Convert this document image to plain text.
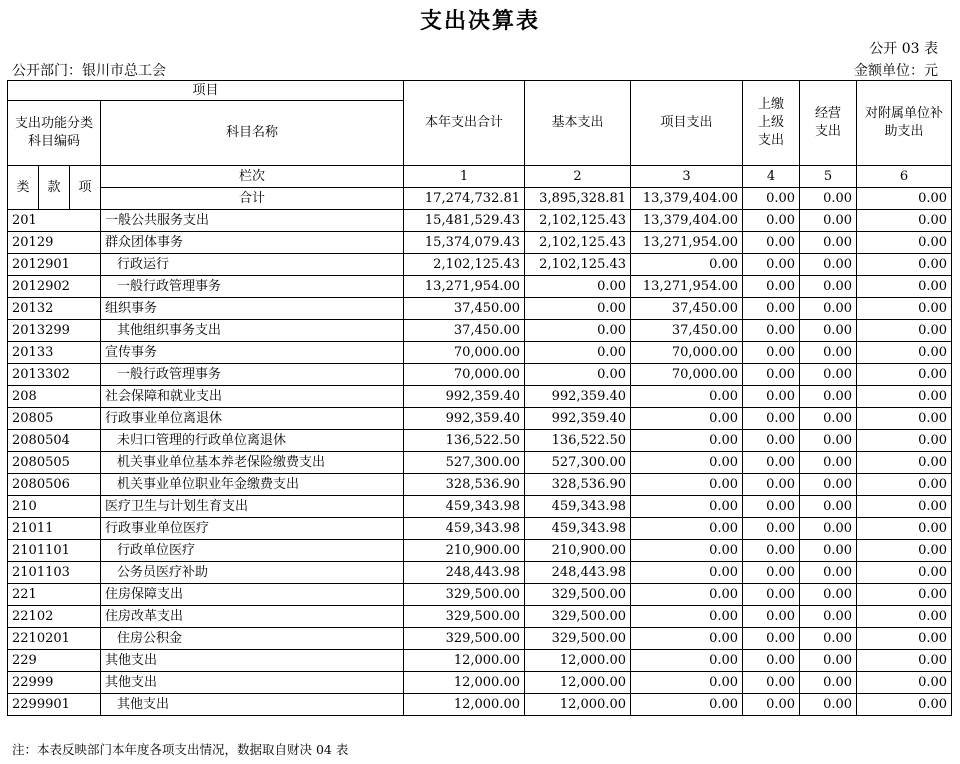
支出决算表
公开 03 表
公开部门：银川市总工会	金额单位：元
项目				本年支出合计	基本支出	项目支出	上缴上级支出	经营支出	对附属单位补助支出
支出功能分类科目编码			科目名称						
类	款	项	栏次	1	2	3	4	5	6
			合计	17,274,732.81	3,895,328.81	13,379,404.00	0.00	0.00	0.00
201			一般公共服务支出	15,481,529.43	2,102,125.43	13,379,404.00	0.00	0.00	0.00
20129			群众团体事务	15,374,079.43	2,102,125.43	13,271,954.00	0.00	0.00	0.00
2012901			行政运行	2,102,125.43	2,102,125.43	0.00	0.00	0.00	0.00
2012902			一般行政管理事务	13,271,954.00	0.00	13,271,954.00	0.00	0.00	0.00
20132			组织事务	37,450.00	0.00	37,450.00	0.00	0.00	0.00
2013299			其他组织事务支出	37,450.00	0.00	37,450.00	0.00	0.00	0.00
20133			宣传事务	70,000.00	0.00	70,000.00	0.00	0.00	0.00
2013302			一般行政管理事务	70,000.00	0.00	70,000.00	0.00	0.00	0.00
208			社会保障和就业支出	992,359.40	992,359.40	0.00	0.00	0.00	0.00
20805			行政事业单位离退休	992,359.40	992,359.40	0.00	0.00	0.00	0.00
2080504			未归口管理的行政单位离退休	136,522.50	136,522.50	0.00	0.00	0.00	0.00
2080505			机关事业单位基本养老保险缴费支出	527,300.00	527,300.00	0.00	0.00	0.00	0.00
2080506			机关事业单位职业年金缴费支出	328,536.90	328,536.90	0.00	0.00	0.00	0.00
210			医疗卫生与计划生育支出	459,343.98	459,343.98	0.00	0.00	0.00	0.00
21011			行政事业单位医疗	459,343.98	459,343.98	0.00	0.00	0.00	0.00
2101101			行政单位医疗	210,900.00	210,900.00	0.00	0.00	0.00	0.00
2101103			公务员医疗补助	248,443.98	248,443.98	0.00	0.00	0.00	0.00
221			住房保障支出	329,500.00	329,500.00	0.00	0.00	0.00	0.00
22102			住房改革支出	329,500.00	329,500.00	0.00	0.00	0.00	0.00
2210201			住房公积金	329,500.00	329,500.00	0.00	0.00	0.00	0.00
229			其他支出	12,000.00	12,000.00	0.00	0.00	0.00	0.00
22999			其他支出	12,000.00	12,000.00	0.00	0.00	0.00	0.00
2299901			其他支出	12,000.00	12,000.00	0.00	0.00	0.00	0.00
注：本表反映部门本年度各项支出情况，数据取自财决 04 表
